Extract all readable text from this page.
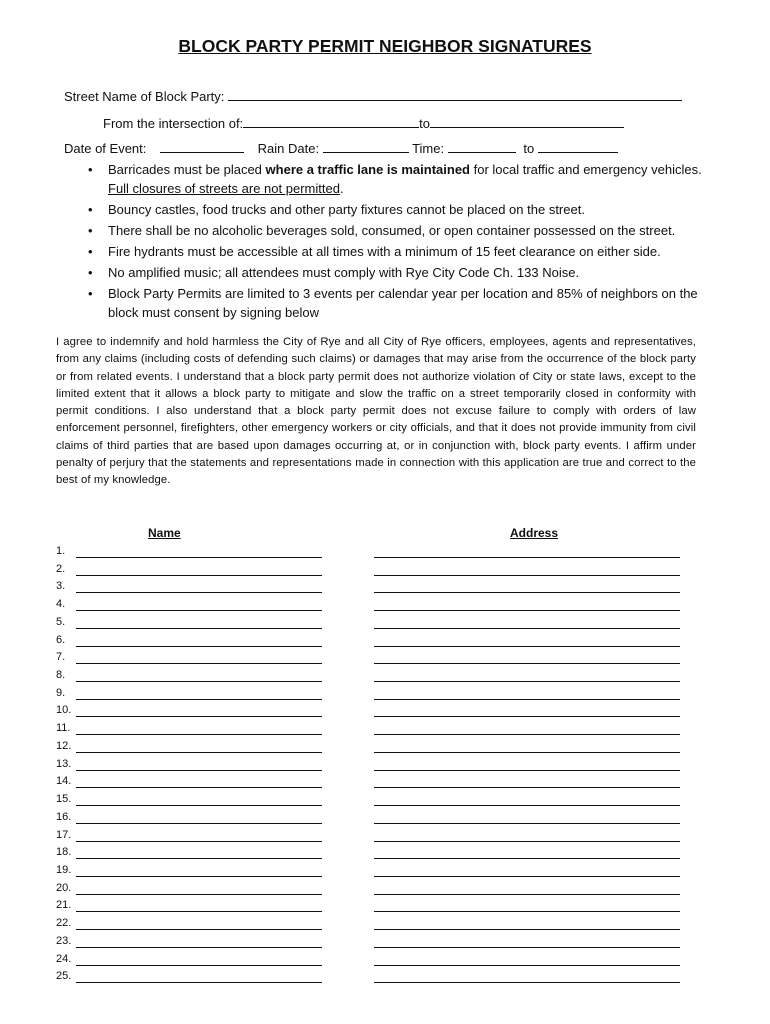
BLOCK PARTY PERMIT NEIGHBOR SIGNATURES
Street Name of Block Party:
From the intersection of:	to
Date of Event:	Rain Date:	Time:	to
• Barricades must be placed where a traffic lane is maintained for local traffic and emergency vehicles. Full closures of streets are not permitted.
• Bouncy castles, food trucks and other party fixtures cannot be placed on the street.
• There shall be no alcoholic beverages sold, consumed, or open container possessed on the street.
• Fire hydrants must be accessible at all times with a minimum of 15 feet clearance on either side.
• No amplified music; all attendees must comply with Rye City Code Ch. 133 Noise.
• Block Party Permits are limited to 3 events per calendar year per location and 85% of neighbors on the block must consent by signing below
I agree to indemnify and hold harmless the City of Rye and all City of Rye officers, employees, agents and representatives, from any claims (including costs of defending such claims) or damages that may arise from the occurrence of the block party or from related events. I understand that a block party permit does not authorize violation of City or state laws, except to the limited extent that it allows a block party to mitigate and slow the traffic on a street temporarily closed in conformity with permit conditions. I also understand that a block party permit does not excuse failure to comply with orders of law enforcement personnel, firefighters, other emergency workers or city officials, and that it does not provide immunity from civil claims of third parties that are based upon damages occurring at, or in conjunction with, block party events. I affirm under penalty of perjury that the statements and representations made in connection with this application are true and correct to the best of my knowledge.
Name	Address
1.
2.
3.
4.
5.
6.
7.
8.
9.
10.
11.
12.
13.
14.
15.
16.
17.
18.
19.
20.
21.
22.
23.
24.
25.
